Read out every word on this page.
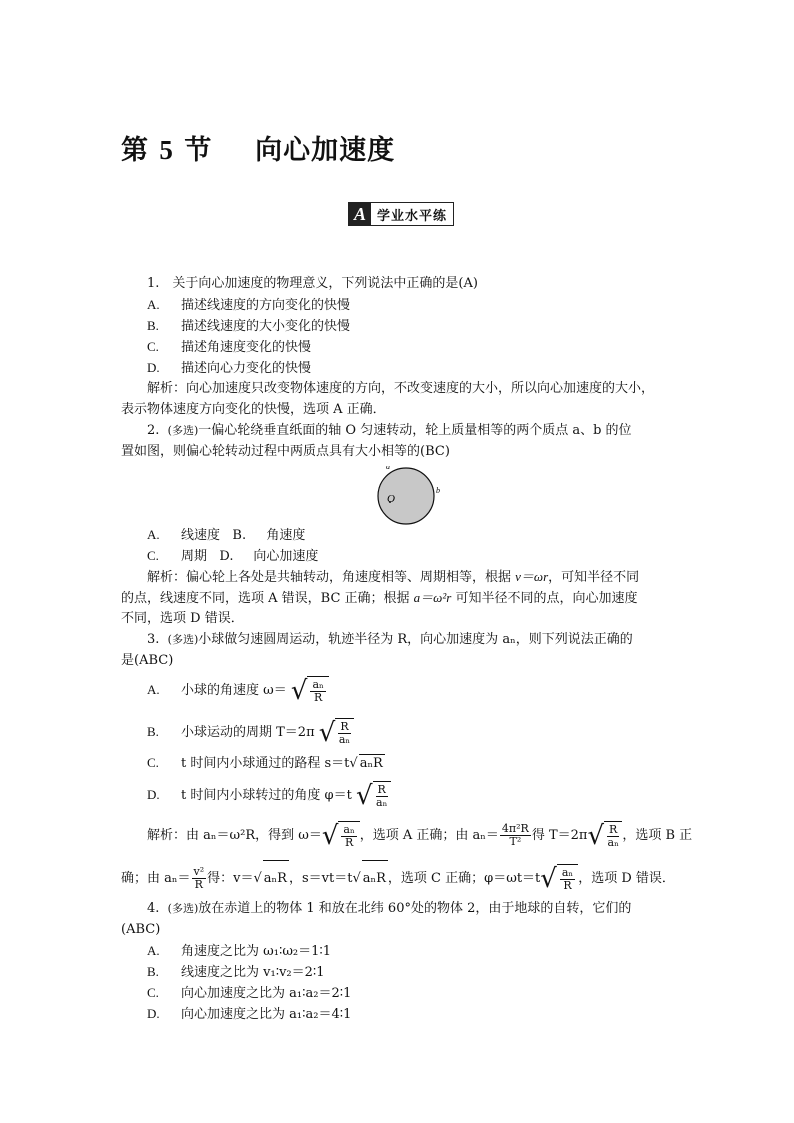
第 5 节 向心加速度
A 学业水平练
1.　关于向心加速度的物理意义，下列说法中正确的是(A)
A. 描述线速度的方向变化的快慢
B. 描述线速度的大小变化的快慢
C. 描述角速度变化的快慢
D. 描述向心力变化的快慢
解析：向心加速度只改变物体速度的方向，不改变速度的大小，所以向心加速度的大小，
表示物体速度方向变化的快慢，选项 A 正确．
2. (多选)一偏心轮绕垂直纸面的轴 O 匀速转动，轮上质量相等的两个质点 a、b 的位
置如图，则偏心轮转动过程中两质点具有大小相等的(BC)
O
a
b
A. 线速度 B. 角速度
C. 周期 D. 向心加速度
解析：偏心轮上各处是共轴转动，角速度相等、周期相等，根据 v＝ωr，可知半径不同
的点，线速度不同，选项 A 错误，BC 正确；根据 a＝ω²r 可知半径不同的点，向心加速度
不同，选项 D 错误．
3. (多选)小球做匀速圆周运动，轨迹半径为 R，向心加速度为 aₙ，则下列说法正确的
是(ABC)
A. 小球的角速度 ω＝ √ $\frac{\text{aₙ}}{R}$
B. 小球运动的周期 T＝2π √ $\frac{R}{\text{aₙ}}$
C. t 时间内小球通过的路程 s＝t√ aₙR
D. t 时间内小球转过的角度 φ＝t √ $\frac{R}{\text{aₙ}}$
解析：由 aₙ＝ω²R，得到 ω＝ √ $\frac{\text{aₙ}}{R}$ ，选项 A 正确；由 $a_n= \frac{\text{4π²R}}{\text{T²}}$ 得 T＝2π √ $\frac{R}{\text{aₙ}}$ ，选项 B 正
确；由 $a_n= \frac{\text{v²}}{R}$ 得：v＝√ aₙR ，s＝vt＝t√ aₙR ，选项 C 正确；φ＝ωt＝t √ $\frac{\text{aₙ}}{R}$ ，选项 D 错误．
4. (多选)放在赤道上的物体 1 和放在北纬 60°处的物体 2，由于地球的自转，它们的
(ABC)
A. 角速度之比为 ω₁∶ω₂＝1∶1
B. 线速度之比为 v₁∶v₂＝2∶1
C. 向心加速度之比为 a₁∶a₂＝2∶1
D. 向心加速度之比为 a₁∶a₂＝4∶1
